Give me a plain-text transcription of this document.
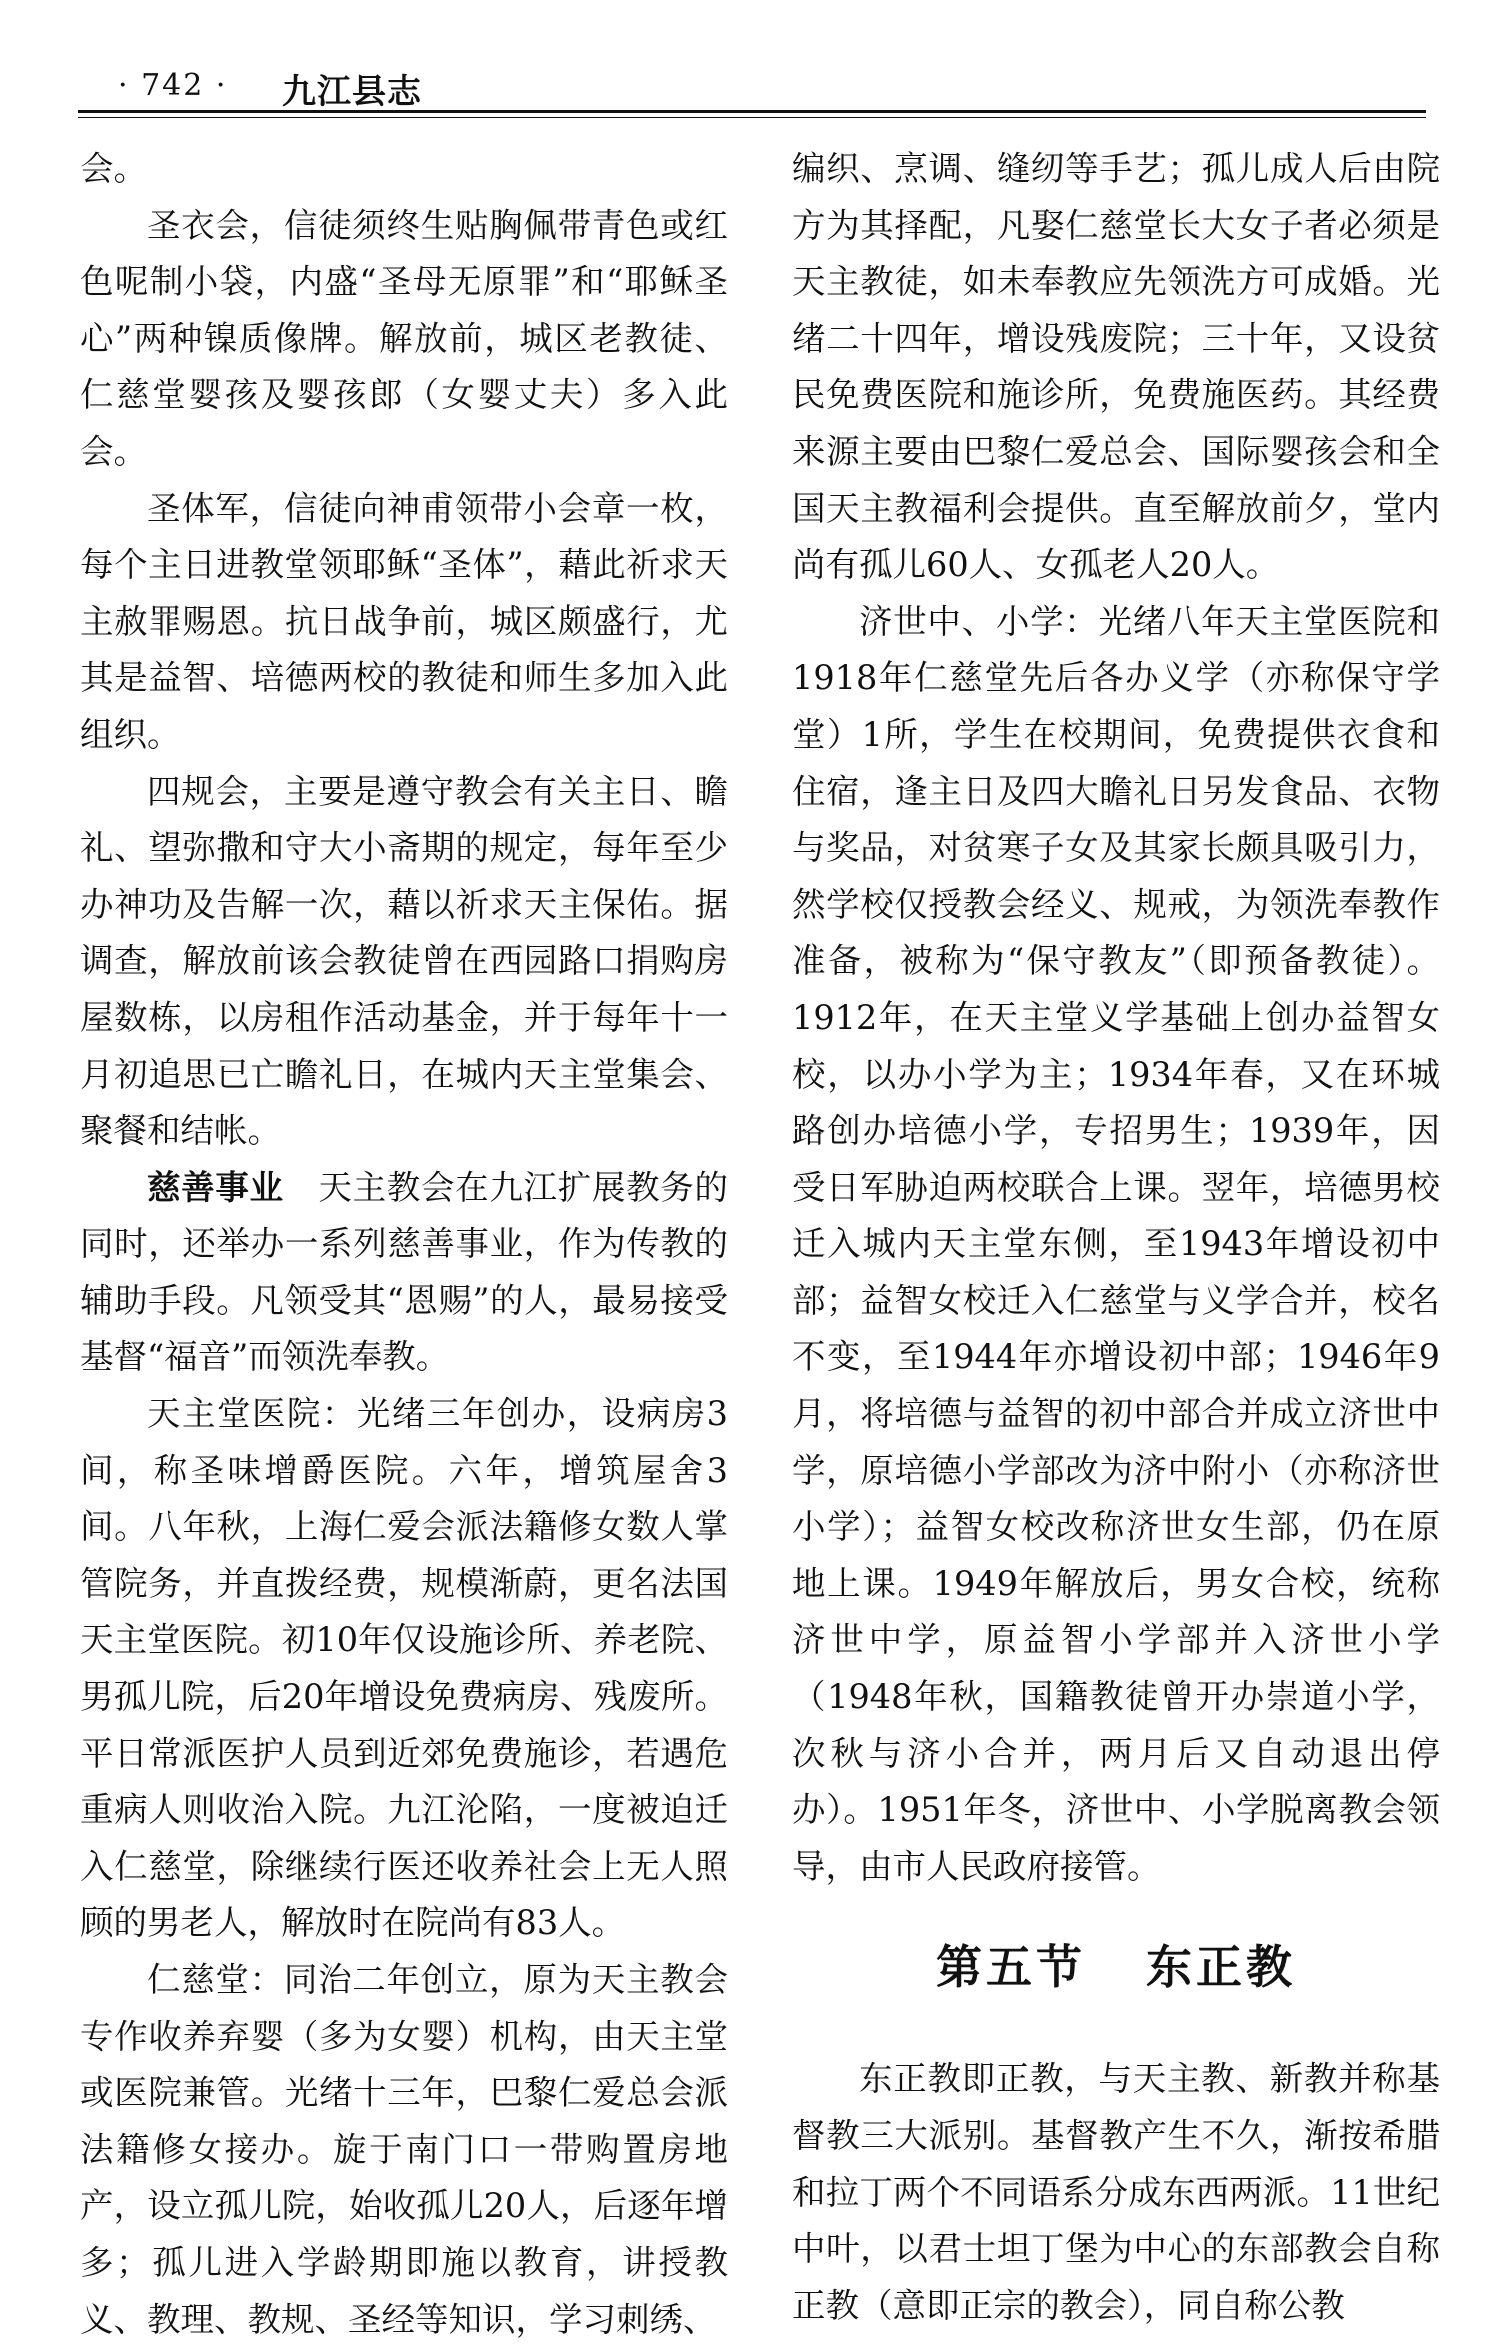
· 742 · 九江县志

会。

圣衣会，信徒须终生贴胸佩带青色或红色呢制小袋，内盛“圣母无原罪”和“耶稣圣心”两种镍质像牌。解放前，城区老教徒、仁慈堂婴孩及婴孩郎（女婴丈夫）多入此会。

圣体军，信徒向神甫领带小会章一枚，每个主日进教堂领耶稣“圣体”，藉此祈求天主赦罪赐恩。抗日战争前，城区颇盛行，尤其是益智、培德两校的教徒和师生多加入此组织。

四规会，主要是遵守教会有关主日、瞻礼、望弥撒和守大小斋期的规定，每年至少办神功及告解一次，藉以祈求天主保佑。据调查，解放前该会教徒曾在西园路口捐购房屋数栋，以房租作活动基金，并于每年十一月初追思已亡瞻礼日，在城内天主堂集会、聚餐和结帐。

慈善事业 天主教会在九江扩展教务的同时，还举办一系列慈善事业，作为传教的辅助手段。凡领受其“恩赐”的人，最易接受基督“福音”而领洗奉教。

天主堂医院：光绪三年创办，设病房3间，称圣味增爵医院。六年，增筑屋舍3间。八年秋，上海仁爱会派法籍修女数人掌管院务，并直拨经费，规模渐蔚，更名法国天主堂医院。初10年仅设施诊所、养老院、男孤儿院，后20年增设免费病房、残废所。平日常派医护人员到近郊免费施诊，若遇危重病人则收治入院。九江沦陷，一度被迫迁入仁慈堂，除继续行医还收养社会上无人照顾的男老人，解放时在院尚有83人。

仁慈堂：同治二年创立，原为天主教会专作收养弃婴（多为女婴）机构，由天主堂或医院兼管。光绪十三年，巴黎仁爱总会派法籍修女接办。旋于南门口一带购置房地产，设立孤儿院，始收孤儿20人，后逐年增多；孤儿进入学龄期即施以教育，讲授教义、教理、教规、圣经等知识，学习刺绣、

编织、烹调、缝纫等手艺；孤儿成人后由院方为其择配，凡娶仁慈堂长大女子者必须是天主教徒，如未奉教应先领洗方可成婚。光绪二十四年，增设残废院；三十年，又设贫民免费医院和施诊所，免费施医药。其经费来源主要由巴黎仁爱总会、国际婴孩会和全国天主教福利会提供。直至解放前夕，堂内尚有孤儿60人、女孤老人20人。

济世中、小学：光绪八年天主堂医院和1918年仁慈堂先后各办义学（亦称保守学堂）1所，学生在校期间，免费提供衣食和住宿，逢主日及四大瞻礼日另发食品、衣物与奖品，对贫寒子女及其家长颇具吸引力，然学校仅授教会经义、规戒，为领洗奉教作准备，被称为“保守教友”（即预备教徒）。1912年，在天主堂义学基础上创办益智女校，以办小学为主；1934年春，又在环城路创办培德小学，专招男生；1939年，因受日军胁迫两校联合上课。翌年，培德男校迁入城内天主堂东侧，至1943年增设初中部；益智女校迁入仁慈堂与义学合并，校名不变，至1944年亦增设初中部；1946年9月，将培德与益智的初中部合并成立济世中学，原培德小学部改为济中附小（亦称济世小学）；益智女校改称济世女生部，仍在原地上课。1949年解放后，男女合校，统称济世中学，原益智小学部并入济世小学（1948年秋，国籍教徒曾开办崇道小学，次秋与济小合并，两月后又自动退出停办）。1951年冬，济世中、小学脱离教会领导，由市人民政府接管。

第五节 东正教

东正教即正教，与天主教、新教并称基督教三大派别。基督教产生不久，渐按希腊和拉丁两个不同语系分成东西两派。11世纪中叶，以君士坦丁堡为中心的东部教会自称正教（意即正宗的教会），同自称公教
